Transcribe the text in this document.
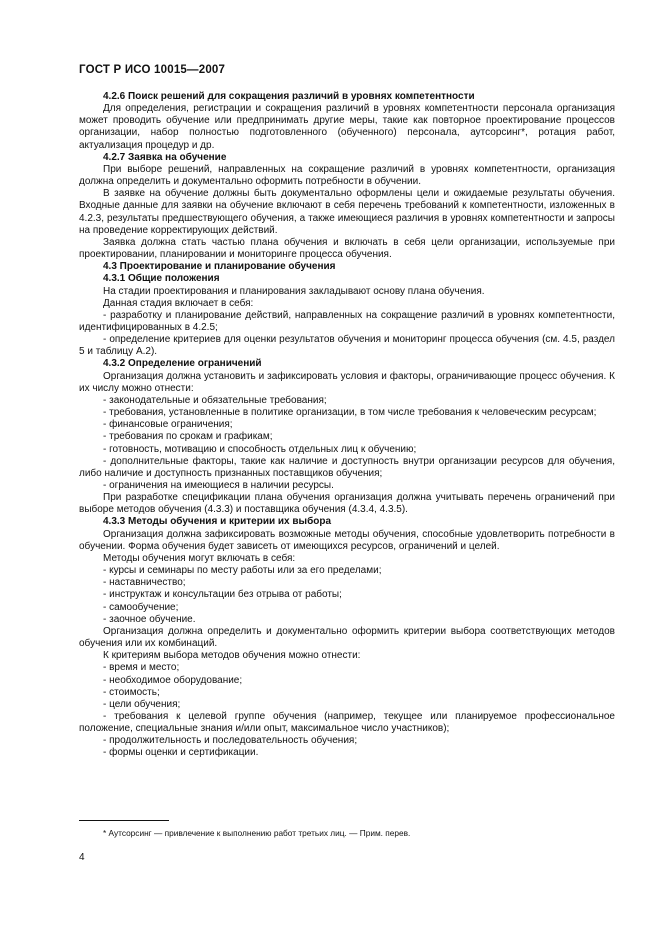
ГОСТ Р ИСО 10015—2007

4.2.6 Поиск решений для сокращения различий в уровнях компетентности

Для определения, регистрации и сокращения различий в уровнях компетентности персонала организация может проводить обучение или предпринимать другие меры, такие как повторное проектирование процессов организации, набор полностью подготовленного (обученного) персонала, аутсорсинг*, ротация работ, актуализация процедур и др.

4.2.7 Заявка на обучение

При выборе решений, направленных на сокращение различий в уровнях компетентности, организация должна определить и документально оформить потребности в обучении.

В заявке на обучение должны быть документально оформлены цели и ожидаемые результаты обучения. Входные данные для заявки на обучение включают в себя перечень требований к компетентности, изложенных в 4.2.3, результаты предшествующего обучения, а также имеющиеся различия в уровнях компетентности и запросы на проведение корректирующих действий.

Заявка должна стать частью плана обучения и включать в себя цели организации, используемые при проектировании, планировании и мониторинге процесса обучения.

4.3 Проектирование и планирование обучения

4.3.1 Общие положения

На стадии проектирования и планирования закладывают основу плана обучения.

Данная стадия включает в себя:

- разработку и планирование действий, направленных на сокращение различий в уровнях компетентности, идентифицированных в 4.2.5;

- определение критериев для оценки результатов обучения и мониторинг процесса обучения (см. 4.5, раздел 5 и таблицу А.2).

4.3.2 Определение ограничений

Организация должна установить и зафиксировать условия и факторы, ограничивающие процесс обучения. К их числу можно отнести:

- законодательные и обязательные требования;

- требования, установленные в политике организации, в том числе требования к человеческим ресурсам;

- финансовые ограничения;

- требования по срокам и графикам;

- готовность, мотивацию и способность отдельных лиц к обучению;

- дополнительные факторы, такие как наличие и доступность внутри организации ресурсов для обучения, либо наличие и доступность признанных поставщиков обучения;

- ограничения на имеющиеся в наличии ресурсы.

При разработке спецификации плана обучения организация должна учитывать перечень ограничений при выборе методов обучения (4.3.3) и поставщика обучения (4.3.4, 4.3.5).

4.3.3 Методы обучения и критерии их выбора

Организация должна зафиксировать возможные методы обучения, способные удовлетворить потребности в обучении. Форма обучения будет зависеть от имеющихся ресурсов, ограничений и целей.

Методы обучения могут включать в себя:

- курсы и семинары по месту работы или за его пределами;

- наставничество;

- инструктаж и консультации без отрыва от работы;

- самообучение;

- заочное обучение.

Организация должна определить и документально оформить критерии выбора соответствующих методов обучения или их комбинаций.

К критериям выбора методов обучения можно отнести:

- время и место;

- необходимое оборудование;

- стоимость;

- цели обучения;

- требования к целевой группе обучения (например, текущее или планируемое профессиональное положение, специальные знания и/или опыт, максимальное число участников);

- продолжительность и последовательность обучения;

- формы оценки и сертификации.

* Аутсорсинг — привлечение к выполнению работ третьих лиц. — Прим. перев.
4
